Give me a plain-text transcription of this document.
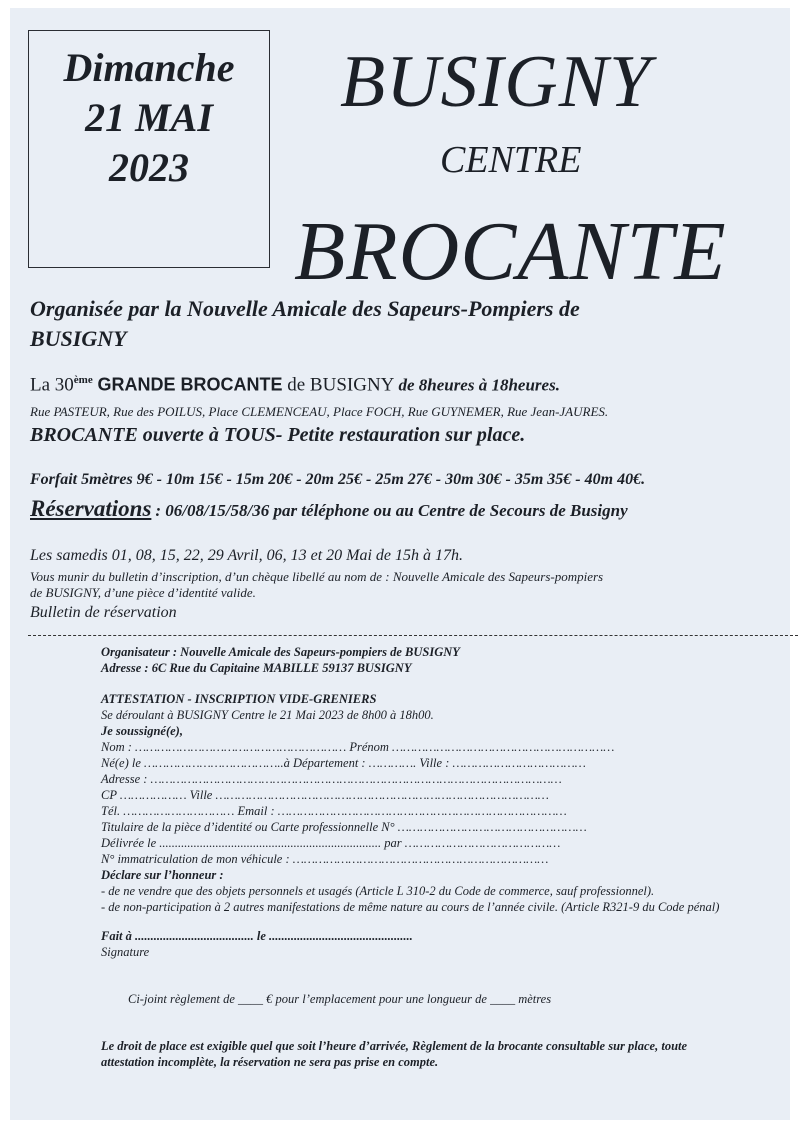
Dimanche
21 MAI
2023
BUSIGNY
CENTRE
BROCANTE
Organisée par la Nouvelle Amicale des Sapeurs-Pompiers de
BUSIGNY
La 30ème GRANDE BROCANTE de BUSIGNY de 8heures à 18heures.
Rue PASTEUR, Rue des POILUS, Place CLEMENCEAU, Place FOCH, Rue GUYNEMER, Rue Jean-JAURES.
BROCANTE ouverte à TOUS- Petite restauration sur place.
Forfait 5mètres 9€ - 10m 15€ - 15m 20€ - 20m 25€ - 25m 27€ - 30m 30€ - 35m 35€ - 40m 40€.
Réservations : 06/08/15/58/36 par téléphone ou au Centre de Secours de Busigny
Les samedis 01, 08, 15, 22, 29 Avril, 06, 13 et 20 Mai de 15h à 17h.
Vous munir du bulletin d’inscription, d’un chèque libellé au nom de : Nouvelle Amicale des Sapeurs-pompiers
de BUSIGNY, d’une pièce d’identité valide.
Bulletin de réservation
Organisateur : Nouvelle Amicale des Sapeurs-pompiers de BUSIGNY
Adresse : 6C Rue du Capitaine MABILLE 59137 BUSIGNY
ATTESTATION - INSCRIPTION VIDE-GRENIERS
Se déroulant à BUSIGNY Centre le 21 Mai 2023 de 8h00 à 18h00.
Je soussigné(e),
Nom : ………………………………………………… Prénom ……………………………………………………
Né(e) le ………………………………..à Département : …………. Ville : ………………………………
Adresse : …………………………………………………………………………………………………
CP ……………… Ville ………………………………………………………………………………
Tél. ………………………… Email : ……………………………………………………………………
Titulaire de la pièce d’identité ou Carte professionnelle N° ……………………………………………
Délivrée le ....................................................................... par ……………………………………
N° immatriculation de mon véhicule : ……………………………………………………………
Déclare sur l’honneur :
- de ne vendre que des objets personnels et usagés (Article L 310-2 du Code de commerce, sauf professionnel).
- de non-participation à 2 autres manifestations de même nature au cours de l’année civile. (Article R321-9 du Code pénal)
Fait à ...................................... le ..............................................
Signature
Ci-joint règlement de ____ € pour l’emplacement pour une longueur de ____ mètres
Le droit de place est exigible quel que soit l’heure d’arrivée, Règlement de la brocante consultable sur place, toute
attestation incomplète, la réservation ne sera pas prise en compte.
